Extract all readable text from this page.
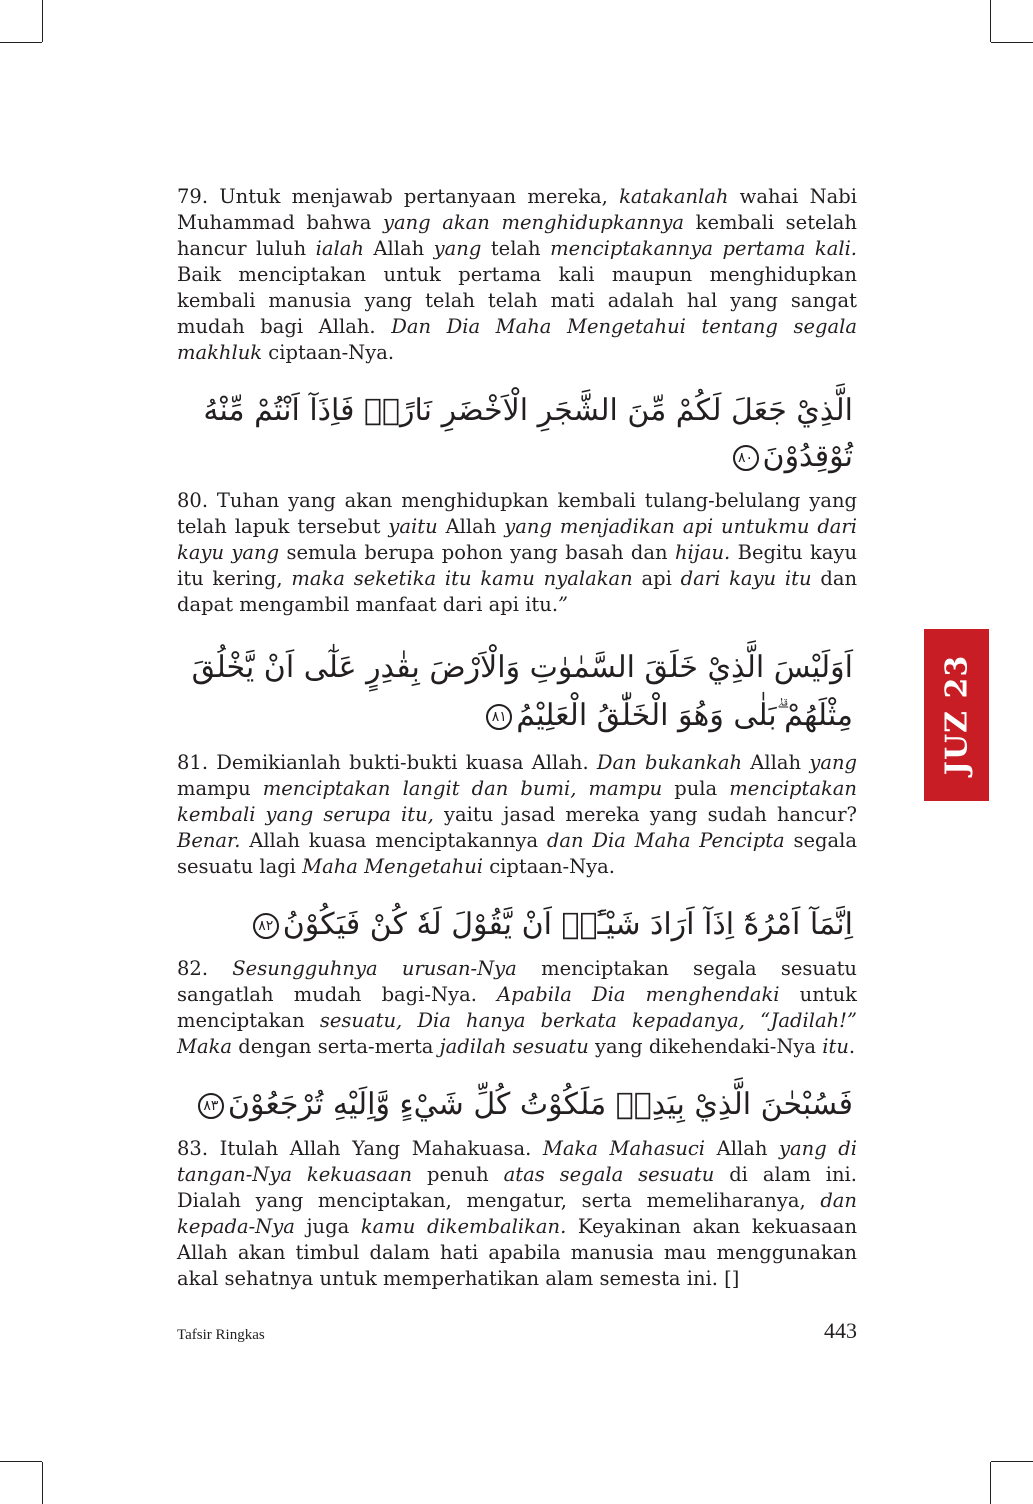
79. Untuk menjawab pertanyaan mereka, katakanlah wahai Nabi Muhammad bahwa yang akan menghidupkannya kembali setelah hancur luluh ialah Allah yang telah menciptakannya pertama kali. Baik menciptakan untuk pertama kali maupun menghidupkan kembali manusia yang telah telah mati adalah hal yang sangat mudah bagi Allah. Dan Dia Maha Mengetahui tentang segala makhluk ciptaan-Nya.

الَّذِيْ جَعَلَ لَكُمْ مِّنَ الشَّجَرِ الْاَخْضَرِ نَارًاۙ فَاِذَآ اَنْتُمْ مِّنْهُ تُوْقِدُوْنَ٨٠

80. Tuhan yang akan menghidupkan kembali tulang-belulang yang telah lapuk tersebut yaitu Allah yang menjadikan api untukmu dari kayu yang semula berupa pohon yang basah dan hijau. Begitu kayu itu kering, maka seketika itu kamu nyalakan api dari kayu itu dan dapat mengambil manfaat dari api itu.”

اَوَلَيْسَ الَّذِيْ خَلَقَ السَّمٰوٰتِ وَالْاَرْضَ بِقٰدِرٍ عَلٰٓى اَنْ يَّخْلُقَ مِثْلَهُمْ ۗبَلٰى وَهُوَ الْخَلّٰقُ الْعَلِيْمُ٨١

81. Demikianlah bukti-bukti kuasa Allah. Dan bukankah Allah yang mampu menciptakan langit dan bumi, mampu pula menciptakan kembali yang serupa itu, yaitu jasad mereka yang sudah hancur? Benar. Allah kuasa menciptakannya dan Dia Maha Pencipta segala sesuatu lagi Maha Mengetahui ciptaan-Nya.

اِنَّمَآ اَمْرُهٗٓ اِذَآ اَرَادَ شَيْـًٔاۖ اَنْ يَّقُوْلَ لَهٗ كُنْ فَيَكُوْنُ٨٢

82. Sesungguhnya urusan-Nya menciptakan segala sesuatu sangatlah mudah bagi-Nya. Apabila Dia menghendaki untuk menciptakan sesuatu, Dia hanya berkata kepadanya, “Jadilah!” Maka dengan serta-merta jadilah sesuatu yang dikehendaki-Nya itu.

فَسُبْحٰنَ الَّذِيْ بِيَدِهٖ مَلَكُوْتُ كُلِّ شَيْءٍ وَّاِلَيْهِ تُرْجَعُوْنَ٨٣

83. Itulah Allah Yang Mahakuasa. Maka Mahasuci Allah yang di tangan-Nya kekuasaan penuh atas segala sesuatu di alam ini. Dialah yang menciptakan, mengatur, serta memeliharanya, dan kepada-Nya juga kamu dikembalikan. Keyakinan akan kekuasaan Allah akan timbul dalam hati apabila manusia mau menggunakan akal sehatnya untuk memperhatikan alam semesta ini. []

JUZ 23
Tafsir Ringkas	443
